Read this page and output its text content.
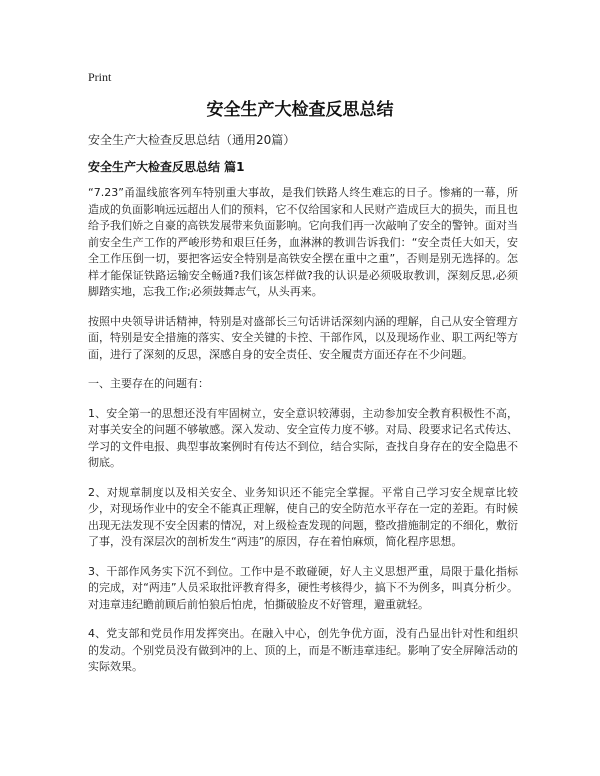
Print
安全生产大检查反思总结
安全生产大检查反思总结（通用20篇）
安全生产大检查反思总结 篇1

“7.23”甬温线旅客列车特别重大事故，是我们铁路人终生难忘的日子。惨痛的一幕，所造成的负面影响远远超出人们的预料，它不仅给国家和人民财产造成巨大的损失，而且也给予我们娇之自豪的高铁发展带来负面影响。它向我们再一次敲响了安全的警钟。面对当前安全生产工作的严峻形势和艰巨任务，血淋淋的教训告诉我们：“安全责任大如天，安全工作压倒一切，要把客运安全特别是高铁安全摆在重中之重”，否则是别无选择的。怎样才能保证铁路运输安全畅通?我们该怎样做?我的认识是必须吸取教训，深刻反思,必须脚踏实地，忘我工作;必须鼓舞志气，从头再来。

按照中央领导讲话精神，特别是对盛部长三句话讲话深刻内涵的理解，自己从安全管理方面，特别是安全措施的落实、安全关键的卡控、干部作风，以及现场作业、职工两纪等方面，进行了深刻的反思，深感自身的安全责任、安全履责方面还存在不少问题。

一、主要存在的问题有：

1、安全第一的思想还没有牢固树立，安全意识较薄弱，主动参加安全教育积极性不高，对事关安全的问题不够敏感。深入发动、安全宣传力度不够。对局、段要求记名式传达、学习的文件电报、典型事故案例时有传达不到位，结合实际，查找自身存在的安全隐患不彻底。

2、对规章制度以及相关安全、业务知识还不能完全掌握。平常自己学习安全规章比较少，对现场作业中的安全不能真正理解，使自己的安全防范水平存在一定的差距。有时候出现无法发现不安全因素的情况，对上级检查发现的问题，整改措施制定的不细化，敷衍了事，没有深层次的剖析发生“两违”的原因，存在着怕麻烦，简化程序思想。

3、干部作风务实下沉不到位。工作中是不敢碰硬，好人主义思想严重，局限于量化指标的完成，对“两违”人员采取批评教育得多，硬性考核得少，搞下不为例多，叫真分析少。对违章违纪瞻前顾后前怕狼后怕虎，怕撕破脸皮不好管理，避重就轻。

4、党支部和党员作用发挥突出。在融入中心，创先争优方面，没有凸显出针对性和组织的发动。个别党员没有做到冲的上、顶的上，而是不断违章违纪。影响了安全屏障活动的实际效果。
